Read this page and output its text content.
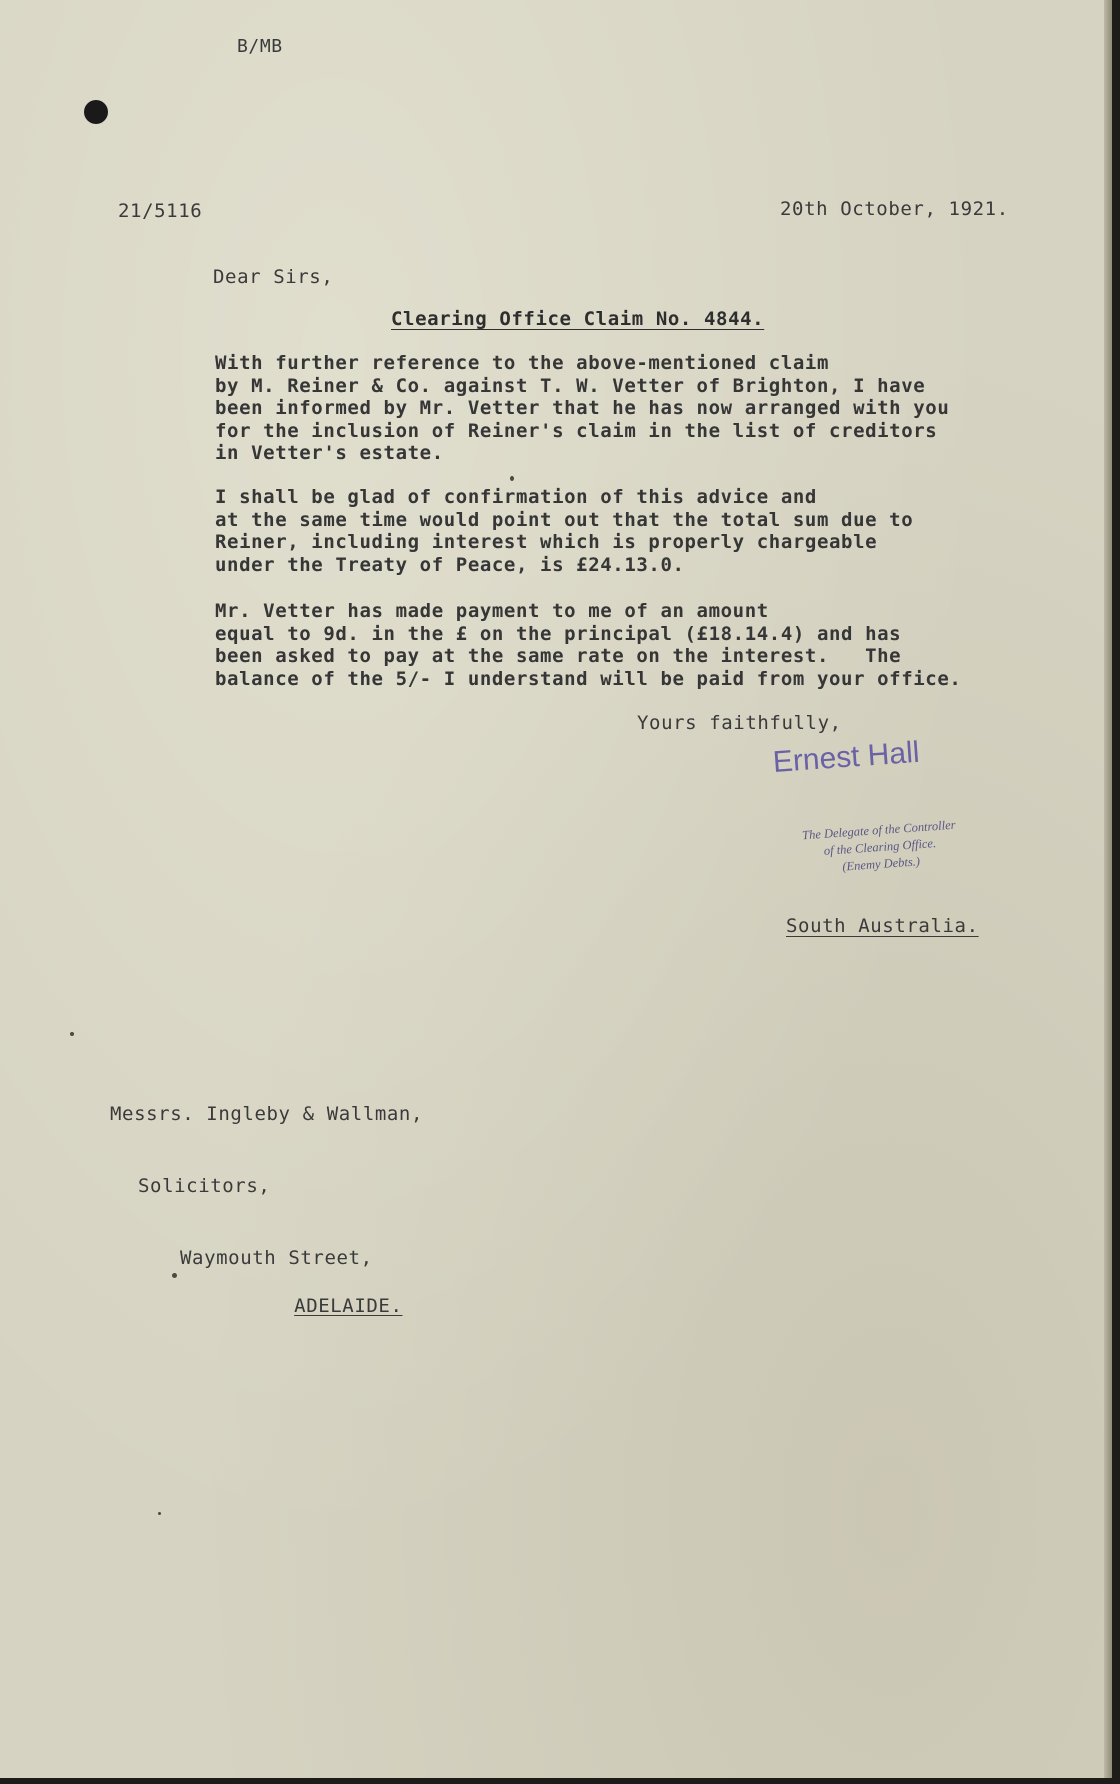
B/MB

21/5116	20th October, 1921.

Dear Sirs,

Clearing Office Claim No. 4844.

With further reference to the above-mentioned claim
by M. Reiner & Co. against T. W. Vetter of Brighton, I have
been informed by Mr. Vetter that he has now arranged with you
for the inclusion of Reiner's claim in the list of creditors
in Vetter's estate.

I shall be glad of confirmation of this advice and
at the same time would point out that the total sum due to
Reiner, including interest which is properly chargeable
under the Treaty of Peace, is £24.13.0.

Mr. Vetter has made payment to me of an amount
equal to 9d. in the £ on the principal (£18.14.4) and has
been asked to pay at the same rate on the interest.   The
balance of the 5/- I understand will be paid from your office.

Yours faithfully,

Ernest Hall

The Delegate of the Controller
of the Clearing Office.
(Enemy Debts.)

South Australia.

Messrs. Ingleby & Wallman,

Solicitors,

Waymouth Street,

ADELAIDE.
